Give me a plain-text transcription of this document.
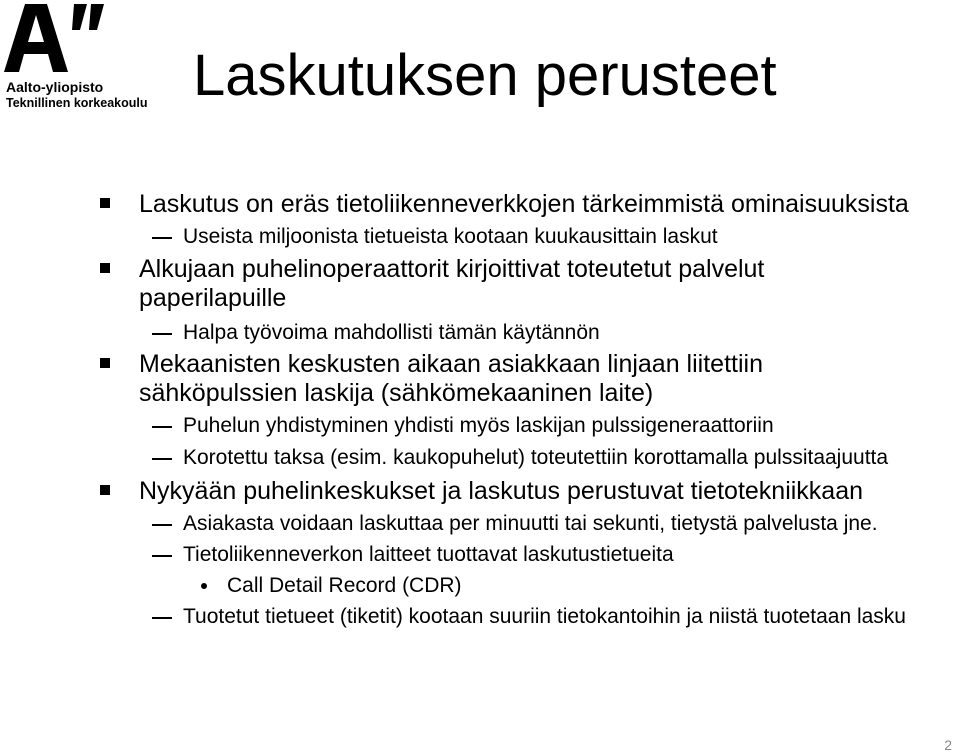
Aalto-yliopisto
Teknillinen korkeakoulu Laskutuksen perusteet
Laskutus on eräs tietoliikenneverkkojen tärkeimmistä ominaisuuksista
Useista miljoonista tietueista kootaan kuukausittain laskut
Alkujaan puhelinoperaattorit kirjoittivat toteutetut palvelut paperilapuille
Halpa työvoima mahdollisti tämän käytännön
Mekaanisten keskusten aikaan asiakkaan linjaan liitettiin sähköpulssien laskija (sähkömekaaninen laite)
Puhelun yhdistyminen yhdisti myös laskijan pulssigeneraattoriin
Korotettu taksa (esim. kaukopuhelut) toteutettiin korottamalla pulssitaajuutta
Nykyään puhelinkeskukset ja laskutus perustuvat tietotekniikkaan
Asiakasta voidaan laskuttaa per minuutti tai sekunti, tietystä palvelusta jne.
Tietoliikenneverkon laitteet tuottavat laskutustietueita
Call Detail Record (CDR)
Tuotetut tietueet (tiketit) kootaan suuriin tietokantoihin ja niistä tuotetaan lasku
2
